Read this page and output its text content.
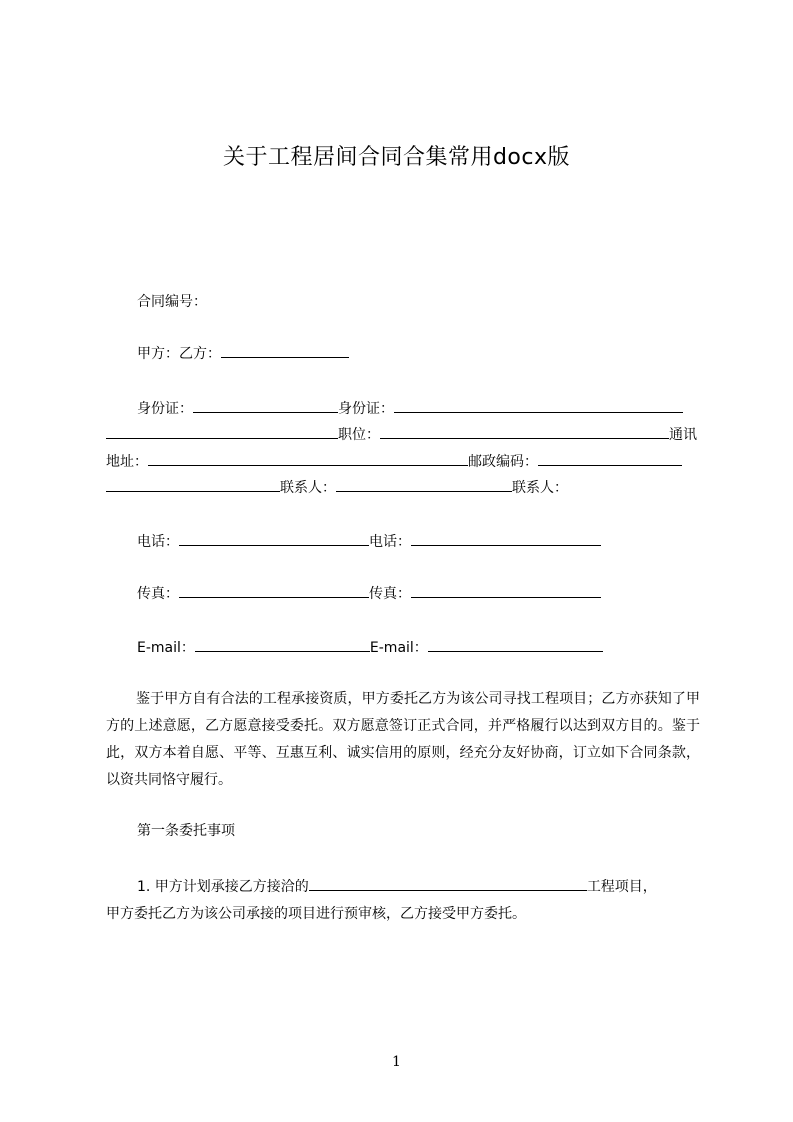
关于工程居间合同合集常用docx版
合同编号：
甲方：乙方：
身份证：	身份证：
职位：	通讯
地址：	邮政编码：
联系人：	联系人：
电话：	电话：
传真：	传真：
E-mail：	E-mail：
鉴于甲方自有合法的工程承接资质，甲方委托乙方为该公司寻找工程项目；乙方亦获知了甲方的上述意愿，乙方愿意接受委托。双方愿意签订正式合同，并严格履行以达到双方目的。鉴于此，双方本着自愿、平等、互惠互利、诚实信用的原则，经充分友好协商，订立如下合同条款，以资共同恪守履行。
第一条委托事项
1. 甲方计划承接乙方接洽的	工程项目，
甲方委托乙方为该公司承接的项目进行预审核，乙方接受甲方委托。
1
